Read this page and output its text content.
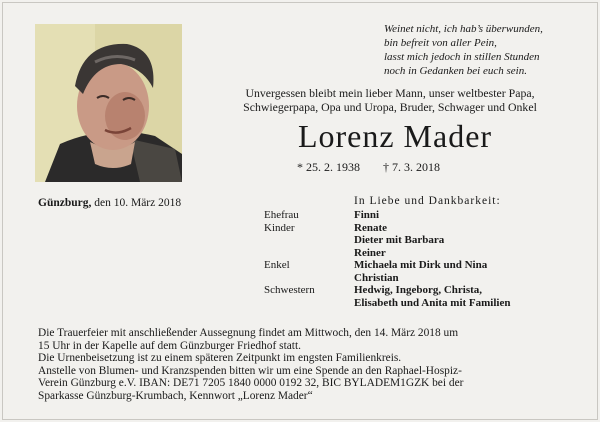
Weinet nicht, ich hab’s überwunden,
bin befreit von aller Pein,
lasst mich jedoch in stillen Stunden
noch in Gedanken bei euch sein.
Unvergessen bleibt mein lieber Mann, unser weltbester Papa,
Schwiegerpapa, Opa und Uropa, Bruder, Schwager und Onkel
Lorenz Mader
* 25. 2. 1938 † 7. 3. 2018
Günzburg, den 10. März 2018	In Liebe und Dankbarkeit:
Ehefrau	Finni
Kinder	Renate
Dieter mit Barbara
Reiner
Enkel	Michaela mit Dirk und Nina
Christian
Schwestern	Hedwig, Ingeborg, Christa,
Elisabeth und Anita mit Familien
Die Trauerfeier mit anschließender Aussegnung findet am Mittwoch, den 14. März 2018 um
15 Uhr in der Kapelle auf dem Günzburger Friedhof statt.
Die Urnenbeisetzung ist zu einem späteren Zeitpunkt im engsten Familienkreis.
Anstelle von Blumen- und Kranzspenden bitten wir um eine Spende an den Raphael-Hospiz-
Verein Günzburg e.V. IBAN: DE71 7205 1840 0000 0192 32, BIC BYLADEM1GZK bei der
Sparkasse Günzburg-Krumbach, Kennwort „Lorenz Mader“
